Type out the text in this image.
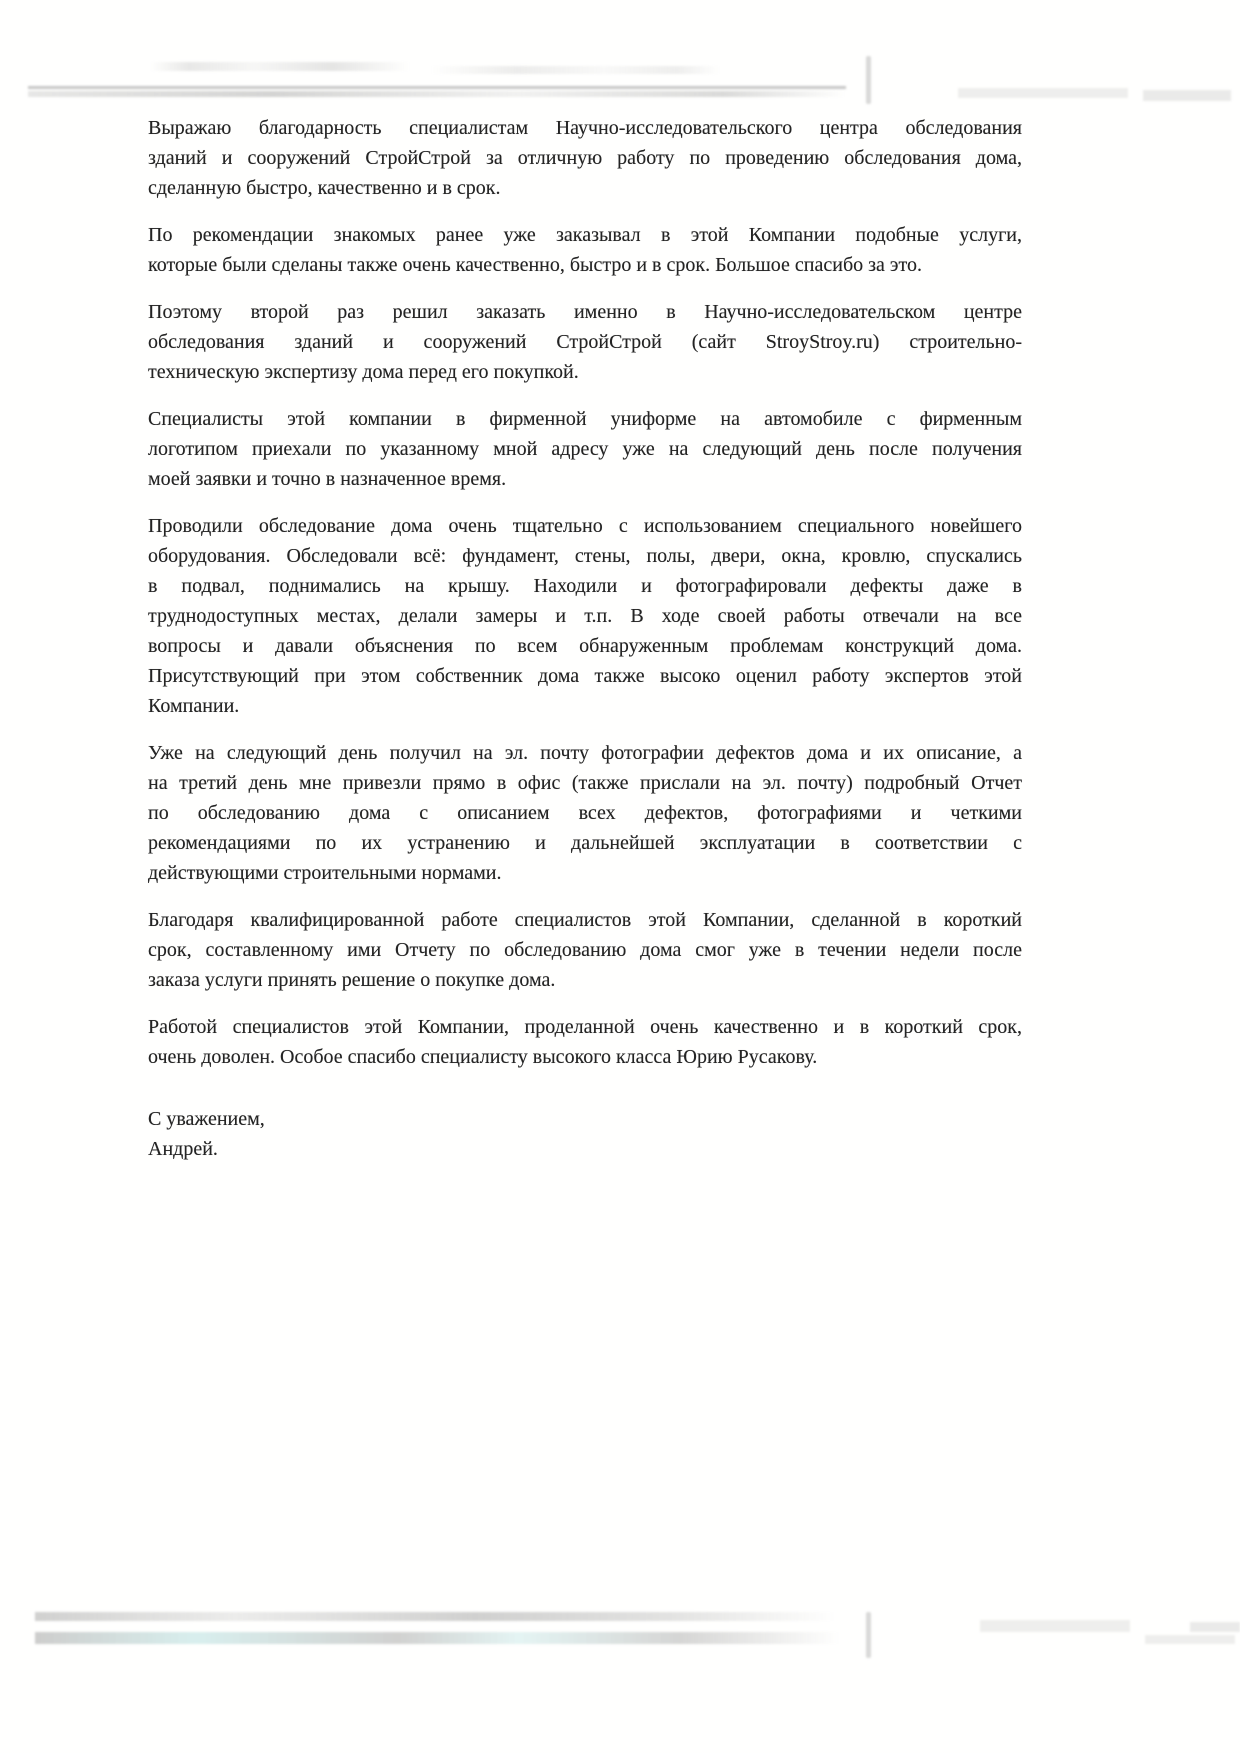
Выражаю благодарность специалистам Научно-исследовательского центра обследования
зданий и сооружений СтройСтрой за отличную работу по проведению обследования дома,
сделанную быстро, качественно и в срок.

По рекомендации знакомых ранее уже заказывал в этой Компании подобные услуги,
которые были сделаны также очень качественно, быстро и в срок. Большое спасибо за это.

Поэтому второй раз решил заказать именно в Научно-исследовательском центре
обследования зданий и сооружений СтройСтрой (сайт StroyStroy.ru) строительно-
техническую экспертизу дома перед его покупкой.

Специалисты этой компании в фирменной униформе на автомобиле с фирменным
логотипом приехали по указанному мной адресу уже на следующий день после получения
моей заявки и точно в назначенное время.

Проводили обследование дома очень тщательно с использованием специального новейшего
оборудования. Обследовали всё: фундамент, стены, полы, двери, окна, кровлю, спускались
в подвал, поднимались на крышу. Находили и фотографировали дефекты даже в
труднодоступных местах, делали замеры и т.п. В ходе своей работы отвечали на все
вопросы и давали объяснения по всем обнаруженным проблемам конструкций дома.
Присутствующий при этом собственник дома также высоко оценил работу экспертов этой
Компании.

Уже на следующий день получил на эл. почту фотографии дефектов дома и их описание, а
на третий день мне привезли прямо в офис (также прислали на эл. почту) подробный Отчет
по обследованию дома с описанием всех дефектов, фотографиями и четкими
рекомендациями по их устранению и дальнейшей эксплуатации в соответствии с
действующими строительными нормами.

Благодаря квалифицированной работе специалистов этой Компании, сделанной в короткий
срок, составленному ими Отчету по обследованию дома смог уже в течении недели после
заказа услуги принять решение о покупке дома.

Работой специалистов этой Компании, проделанной очень качественно и в короткий срок,
очень доволен. Особое спасибо специалисту высокого класса Юрию Русакову.

С уважением,
Андрей.
